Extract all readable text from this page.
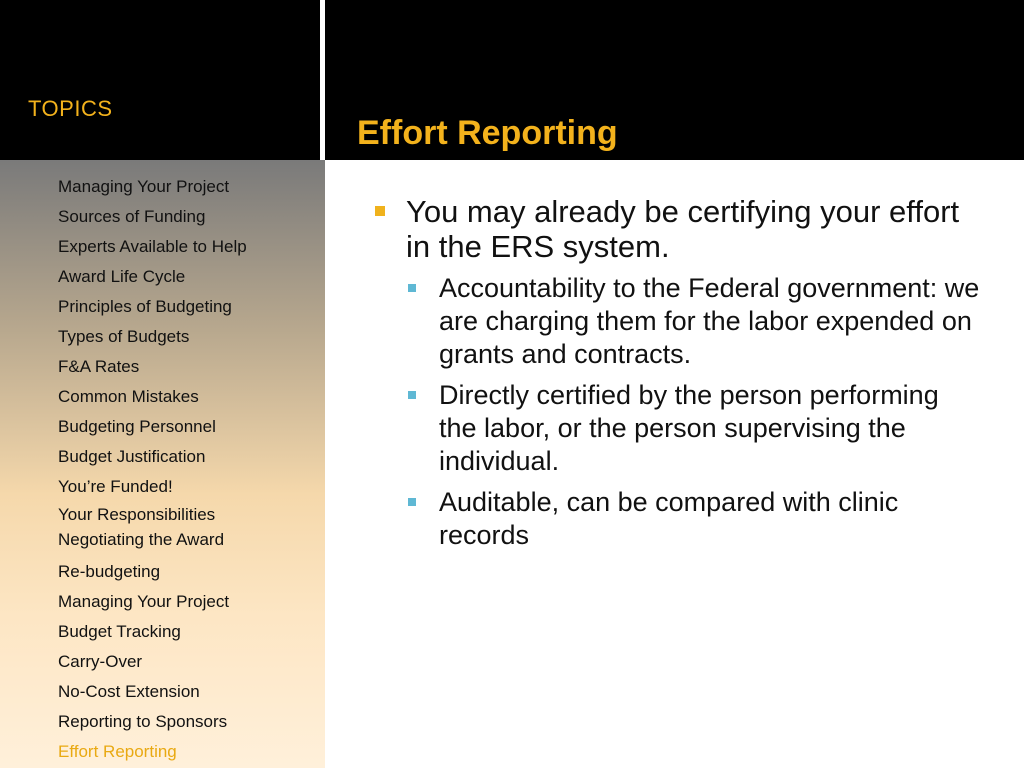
TOPICS
Effort Reporting
Managing Your Project
Sources of Funding
Experts Available to Help
Award Life Cycle
Principles of Budgeting
Types of Budgets
F&A Rates
Common Mistakes
Budgeting Personnel
Budget Justification
You’re Funded!
Your Responsibilities
Negotiating the Award
Re-budgeting
Managing Your Project
Budget Tracking
Carry-Over
No-Cost Extension
Reporting to Sponsors
Effort Reporting
You may already be certifying your effort in the ERS system.
Accountability to the Federal government: we are charging them for the labor expended on grants and contracts.
Directly certified by the person performing the labor, or the person supervising the individual.
Auditable, can be compared with clinic records
